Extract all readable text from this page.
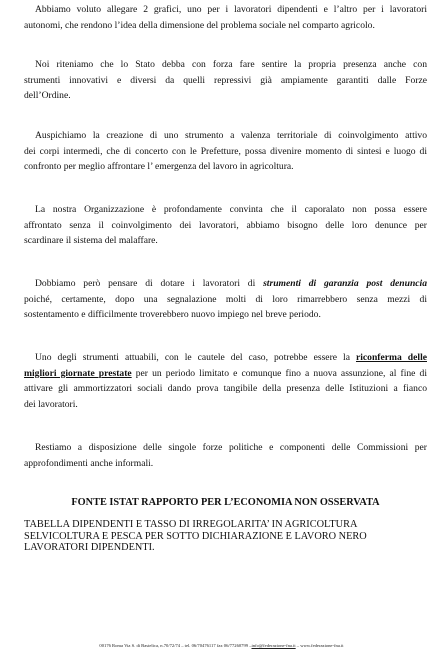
Abbiamo voluto allegare 2 grafici, uno per i lavoratori dipendenti e l’altro per i lavoratori
autonomi, che rendono l’idea della dimensione del problema sociale nel comparto agricolo.

Noi riteniamo che lo Stato debba con forza fare sentire la propria presenza anche con
strumenti innovativi e diversi da quelli repressivi già ampiamente garantiti dalle Forze
dell’Ordine.

Auspichiamo la creazione di uno strumento a valenza territoriale di coinvolgimento attivo
dei corpi intermedi, che di concerto con le Prefetture, possa divenire momento di sintesi e luogo di
confronto per meglio affrontare l’ emergenza del lavoro in agricoltura.

La nostra Organizzazione è profondamente convinta che il caporalato non possa essere
affrontato senza il coinvolgimento dei lavoratori, abbiamo bisogno delle loro denunce per
scardinare il sistema del malaffare.

Dobbiamo però pensare di dotare i lavoratori di strumenti di garanzia post denuncia
poiché, certamente, dopo una segnalazione molti di loro rimarrebbero senza mezzi di
sostentamento e difficilmente troverebbero nuovo impiego nel breve periodo.

Uno degli strumenti attuabili, con le cautele del caso, potrebbe essere la riconferma delle
migliori giornate prestate per un periodo limitato e comunque fino a nuova assunzione, al fine di
attivare gli ammortizzatori sociali dando prova tangibile della presenza delle Istituzioni a fianco
dei lavoratori.

Restiamo a disposizione delle singole forze politiche e componenti delle Commissioni per
approfondimenti anche informali.

FONTE ISTAT RAPPORTO PER L’ECONOMIA NON OSSERVATA

TABELLA DIPENDENTI E TASSO DI IRREGOLARITA’ IN AGRICOLTURA
SELVICOLTURA E PESCA PER SOTTO DICHIARAZIONE E LAVORO NERO
LAVORATORI DIPENDENTI.

00176 Roma Via S. di Bastelica, n.70/72/74 – tel. 06/70476117 fax 06/77260799 –info@federazione-fna.it – www.federazione-fna.it
